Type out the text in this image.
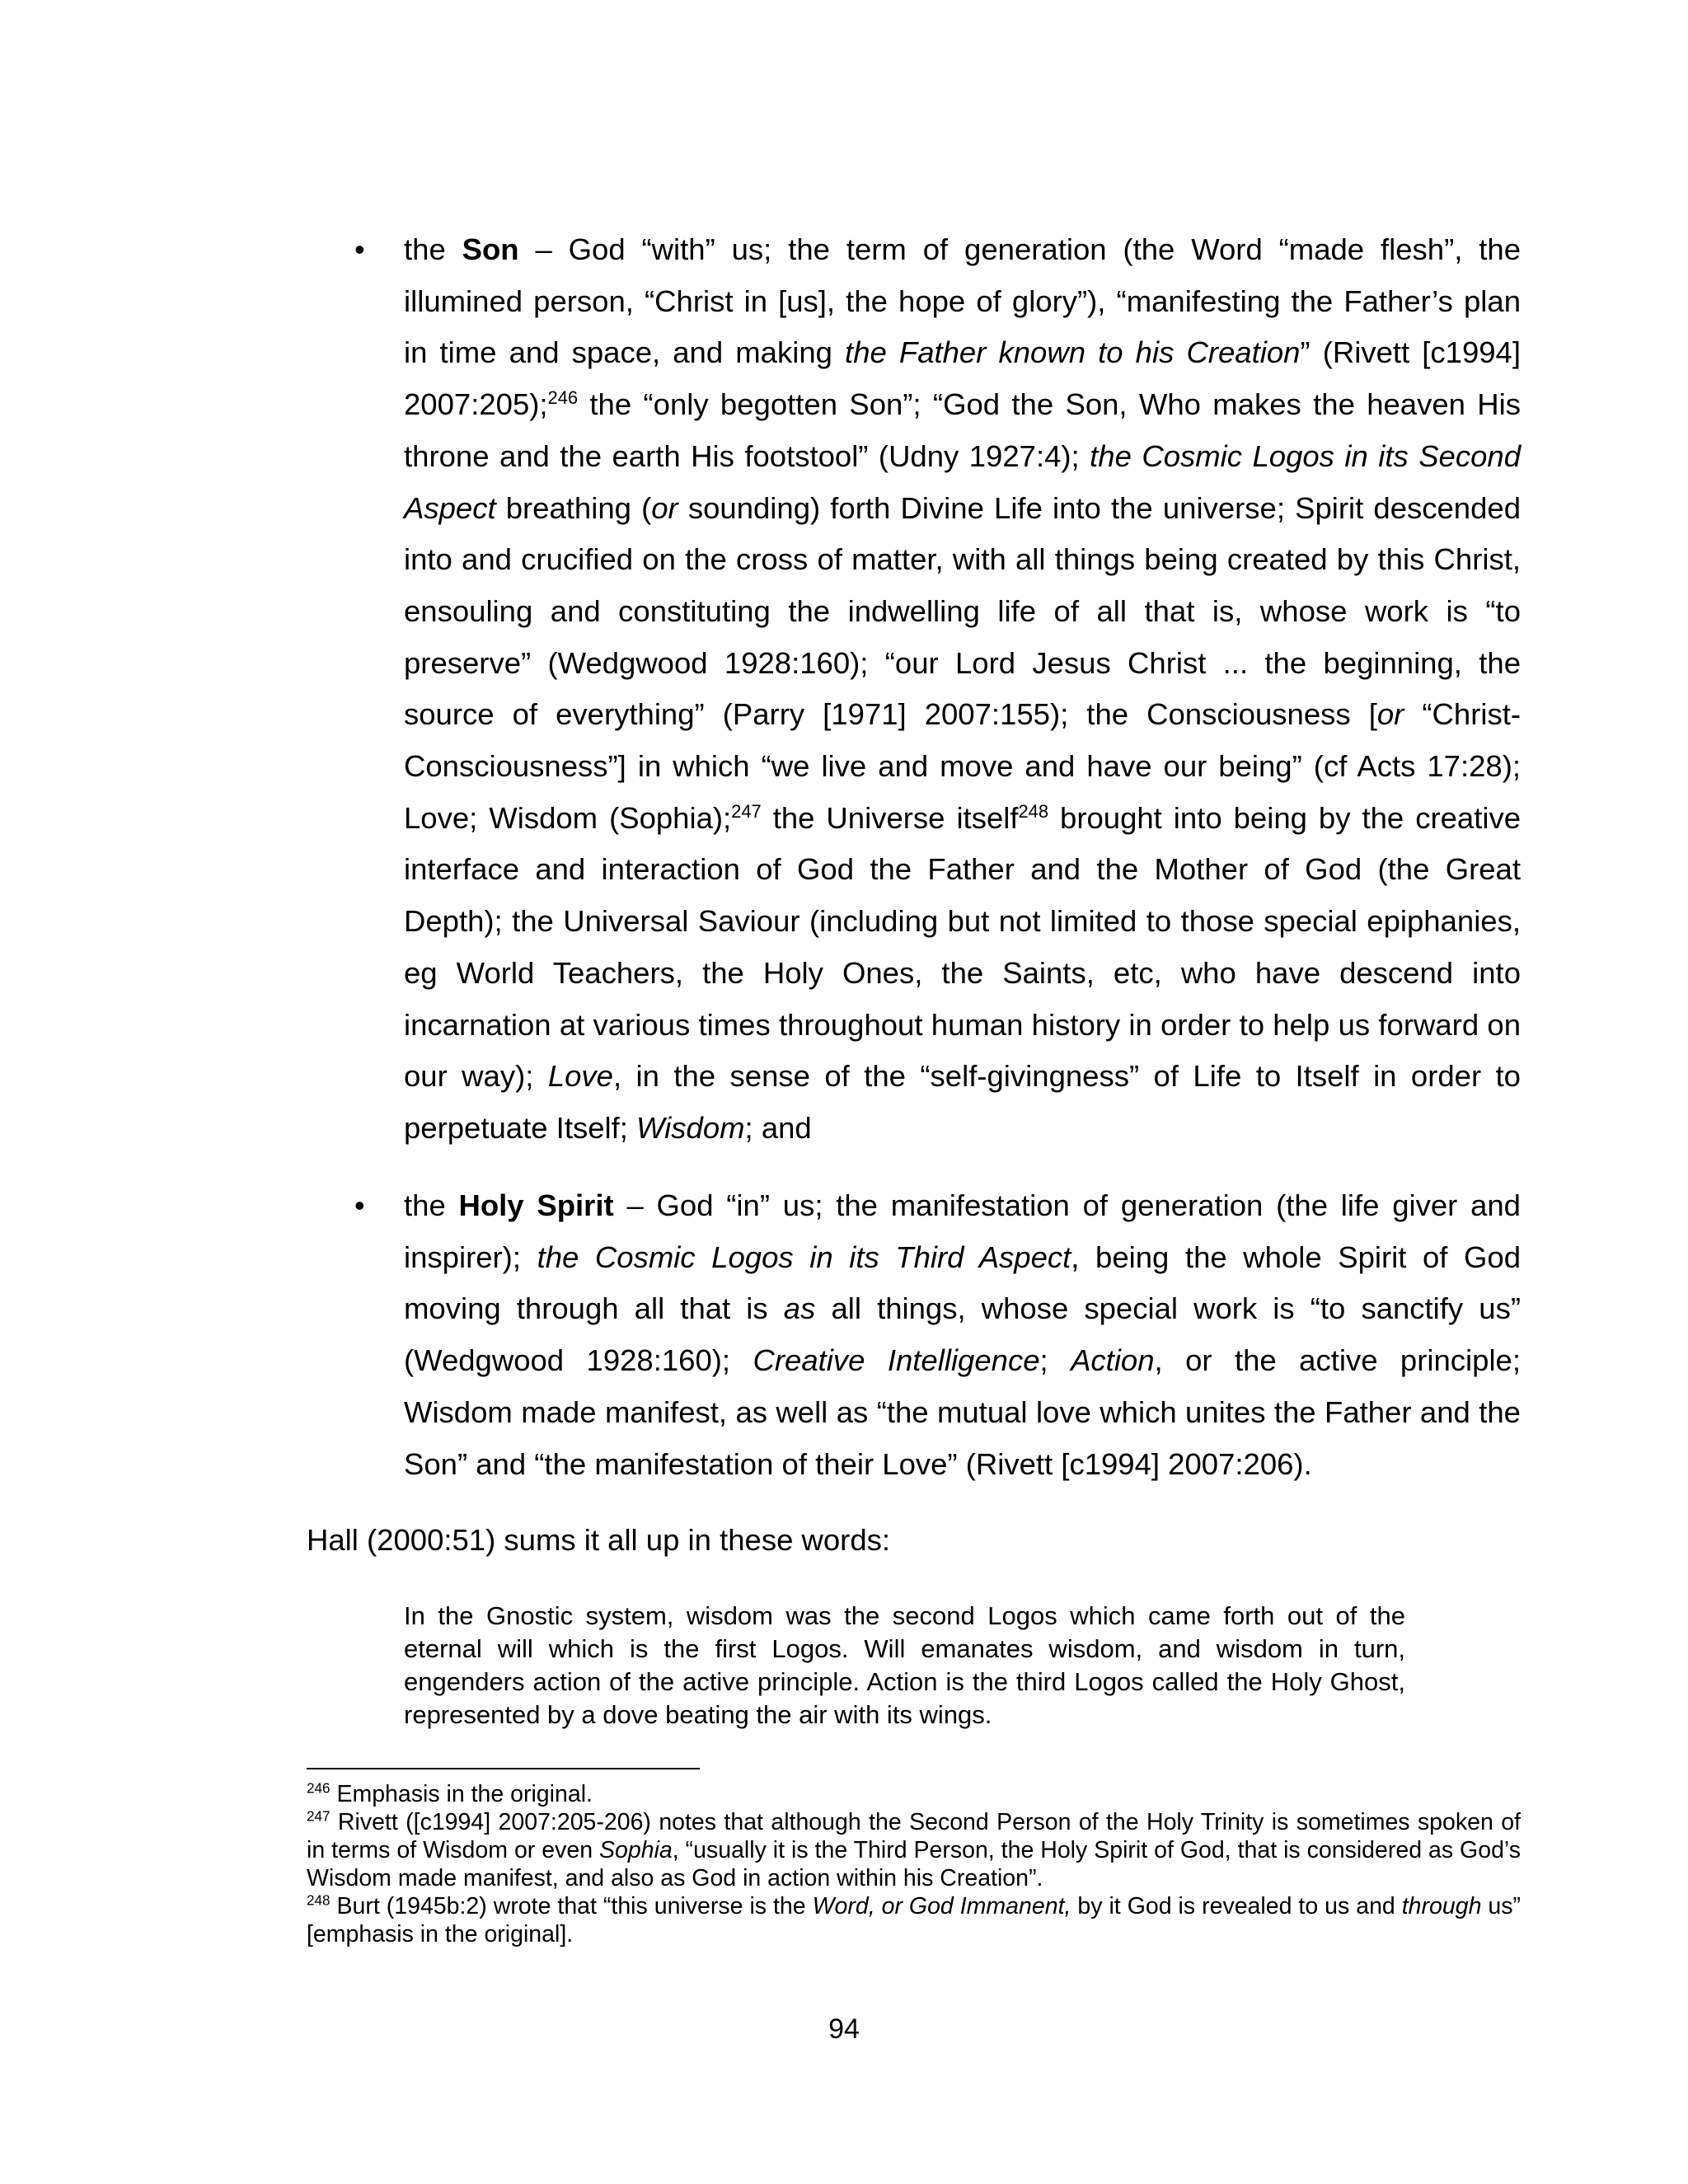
• the Son – God “with” us; the term of generation (the Word “made flesh”, the illumined person, “Christ in [us], the hope of glory”), “manifesting the Father’s plan in time and space, and making the Father known to his Creation” (Rivett [c1994] 2007:205);$^{246}$ the “only begotten Son”; “God the Son, Who makes the heaven His throne and the earth His footstool” (Udny 1927:4); the Cosmic Logos in its Second Aspect breathing (or sounding) forth Divine Life into the universe; Spirit descended into and crucified on the cross of matter, with all things being created by this Christ, ensouling and constituting the indwelling life of all that is, whose work is “to preserve” (Wedgwood 1928:160); “our Lord Jesus Christ ... the beginning, the source of everything” (Parry [1971] 2007:155); the Consciousness [or “Christ-Consciousness”] in which “we live and move and have our being” (cf Acts 17:28); Love; Wisdom (Sophia);$^{247}$ the Universe itself$^{248}$ brought into being by the creative interface and interaction of God the Father and the Mother of God (the Great Depth); the Universal Saviour (including but not limited to those special epiphanies, eg World Teachers, the Holy Ones, the Saints, etc, who have descend into incarnation at various times throughout human history in order to help us forward on our way); Love, in the sense of the “self-givingness” of Life to Itself in order to perpetuate Itself; Wisdom; and

• the Holy Spirit – God “in” us; the manifestation of generation (the life giver and inspirer); the Cosmic Logos in its Third Aspect, being the whole Spirit of God moving through all that is as all things, whose special work is “to sanctify us” (Wedgwood 1928:160); Creative Intelligence; Action, or the active principle; Wisdom made manifest, as well as “the mutual love which unites the Father and the Son” and “the manifestation of their Love” (Rivett [c1994] 2007:206).

Hall (2000:51) sums it all up in these words:

In the Gnostic system, wisdom was the second Logos which came forth out of the eternal will which is the first Logos. Will emanates wisdom, and wisdom in turn, engenders action of the active principle. Action is the third Logos called the Holy Ghost, represented by a dove beating the air with its wings.

$^{246}$ Emphasis in the original.

$^{247}$ Rivett ([c1994] 2007:205-206) notes that although the Second Person of the Holy Trinity is sometimes spoken of in terms of Wisdom or even Sophia, “usually it is the Third Person, the Holy Spirit of God, that is considered as God’s Wisdom made manifest, and also as God in action within his Creation”.

$^{248}$ Burt (1945b:2) wrote that “this universe is the Word, or God Immanent, by it God is revealed to us and through us” [emphasis in the original].

94
